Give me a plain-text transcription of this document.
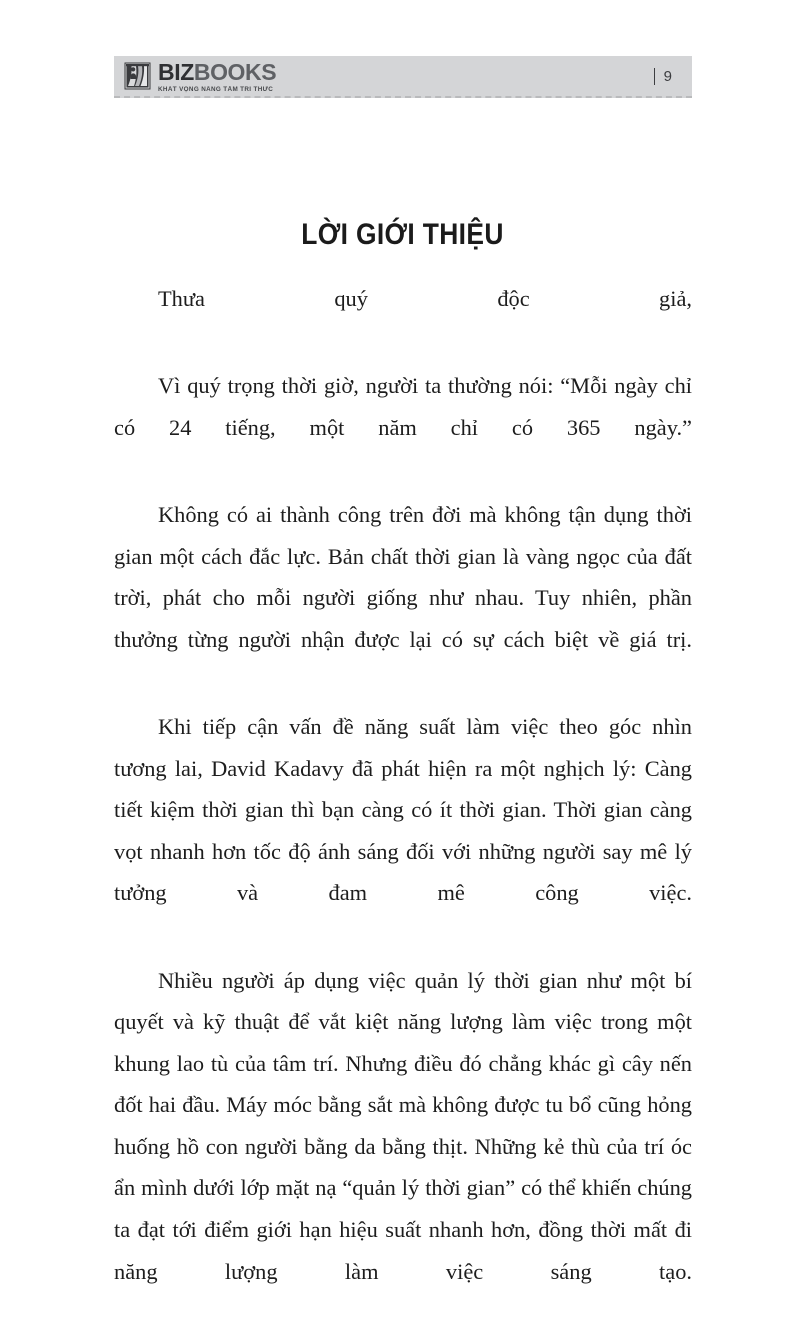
BIZBOOKS
KHÁT VỌNG NÂNG TẦM TRI THỨC
9
LỜI GIỚI THIỆU

Thưa quý độc giả,

Vì quý trọng thời giờ, người ta thường nói: “Mỗi ngày chỉ có 24 tiếng, một năm chỉ có 365 ngày.”

Không có ai thành công trên đời mà không tận dụng thời gian một cách đắc lực. Bản chất thời gian là vàng ngọc của đất trời, phát cho mỗi người giống như nhau. Tuy nhiên, phần thưởng từng người nhận được lại có sự cách biệt về giá trị.

Khi tiếp cận vấn đề năng suất làm việc theo góc nhìn tương lai, David Kadavy đã phát hiện ra một nghịch lý: Càng tiết kiệm thời gian thì bạn càng có ít thời gian. Thời gian càng vọt nhanh hơn tốc độ ánh sáng đối với những người say mê lý tưởng và đam mê công việc.

Nhiều người áp dụng việc quản lý thời gian như một bí quyết và kỹ thuật để vắt kiệt năng lượng làm việc trong một khung lao tù của tâm trí. Nhưng điều đó chẳng khác gì cây nến đốt hai đầu. Máy móc bằng sắt mà không được tu bổ cũng hỏng huống hồ con người bằng da bằng thịt. Những kẻ thù của trí óc ẩn mình dưới lớp mặt nạ “quản lý thời gian” có thể khiến chúng ta đạt tới điểm giới hạn hiệu suất nhanh hơn, đồng thời mất đi năng lượng làm việc sáng tạo.
